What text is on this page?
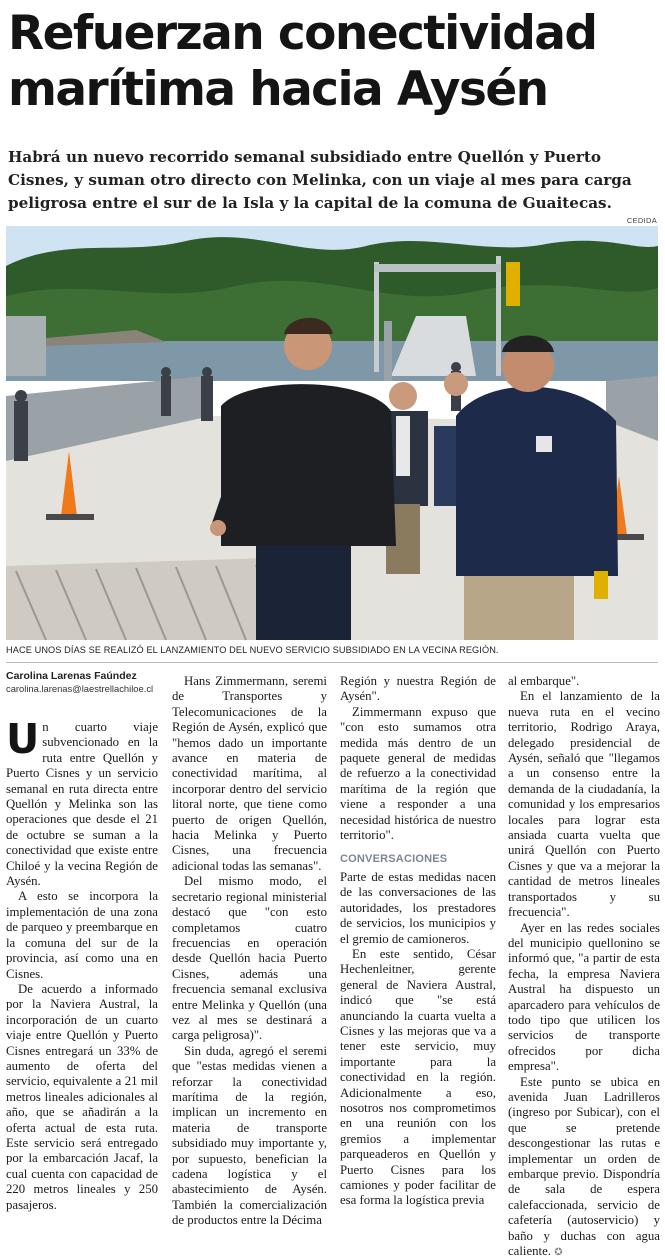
Refuerzan conectividad marítima hacia Aysén
Habrá un nuevo recorrido semanal subsidiado entre Quellón y Puerto Cisnes, y suman otro directo con Melinka, con un viaje al mes para carga peligrosa entre el sur de la Isla y la capital de la comuna de Guaitecas.
CEDIDA
HACE UNOS DÍAS SE REALIZÓ EL LANZAMIENTO DEL NUEVO SERVICIO SUBSIDIADO EN LA VECINA REGIÓN.
Carolina Larenas Faúndez
carolina.larenas@laestrellachiloe.cl

Un cuarto viaje subvencionado en la ruta entre Quellón y Puerto Cisnes y un servicio semanal en ruta directa entre Quellón y Melinka son las operaciones que desde el 21 de octubre se suman a la conectividad que existe entre Chiloé y la vecina Región de Aysén.

A esto se incorpora la implementación de una zona de parqueo y preembarque en la comuna del sur de la provincia, así como una en Cisnes.

De acuerdo a informado por la Naviera Austral, la incorporación de un cuarto viaje entre Quellón y Puerto Cisnes entregará un 33% de aumento de oferta del servicio, equivalente a 21 mil metros lineales adicionales al año, que se añadirán a la oferta actual de esta ruta. Este servicio será entregado por la embarcación Jacaf, la cual cuenta con capacidad de 220 metros lineales y 250 pasajeros.

Hans Zimmermann, seremi de Transportes y Telecomunicaciones de la Región de Aysén, explicó que "hemos dado un importante avance en materia de conectividad marítima, al incorporar dentro del servicio litoral norte, que tiene como puerto de origen Quellón, hacia Melinka y Puerto Cisnes, una frecuencia adicional todas las semanas".

Del mismo modo, el secretario regional ministerial destacó que "con esto completamos cuatro frecuencias en operación desde Quellón hacia Puerto Cisnes, además una frecuencia semanal exclusiva entre Melinka y Quellón (una vez al mes se destinará a carga peligrosa)".

Sin duda, agregó el seremi que "estas medidas vienen a reforzar la conectividad marítima de la región, implican un incremento en materia de transporte subsidiado muy importante y, por supuesto, benefician la cadena logística y el abastecimiento de Aysén. También la comercialización de productos entre la Décima

Región y nuestra Región de Aysén".

Zimmermann expuso que "con esto sumamos otra medida más dentro de un paquete general de medidas de refuerzo a la conectividad marítima de la región que viene a responder a una necesidad histórica de nuestro territorio".

CONVERSACIONES

Parte de estas medidas nacen de las conversaciones de las autoridades, los prestadores de servicios, los municipios y el gremio de camioneros.

En este sentido, César Hechenleitner, gerente general de Naviera Austral, indicó que "se está anunciando la cuarta vuelta a Cisnes y las mejoras que va a tener este servicio, muy importante para la conectividad en la región. Adicionalmente a eso, nosotros nos comprometimos en una reunión con los gremios a implementar parqueaderos en Quellón y Puerto Cisnes para los camiones y poder facilitar de esa forma la logística previa

al embarque".

En el lanzamiento de la nueva ruta en el vecino territorio, Rodrigo Araya, delegado presidencial de Aysén, señaló que "llegamos a un consenso entre la demanda de la ciudadanía, la comunidad y los empresarios locales para lograr esta ansiada cuarta vuelta que unirá Quellón con Puerto Cisnes y que va a mejorar la cantidad de metros lineales transportados y su frecuencia".

Ayer en las redes sociales del municipio quellonino se informó que, "a partir de esta fecha, la empresa Naviera Austral ha dispuesto un aparcadero para vehículos de todo tipo que utilicen los servicios de transporte ofrecidos por dicha empresa".

Este punto se ubica en avenida Juan Ladrilleros (ingreso por Subicar), con el que se pretende descongestionar las rutas e implementar un orden de embarque previo. Dispondría de sala de espera calefaccionada, servicio de cafetería (autoservicio) y baño y duchas con agua caliente. ✪
